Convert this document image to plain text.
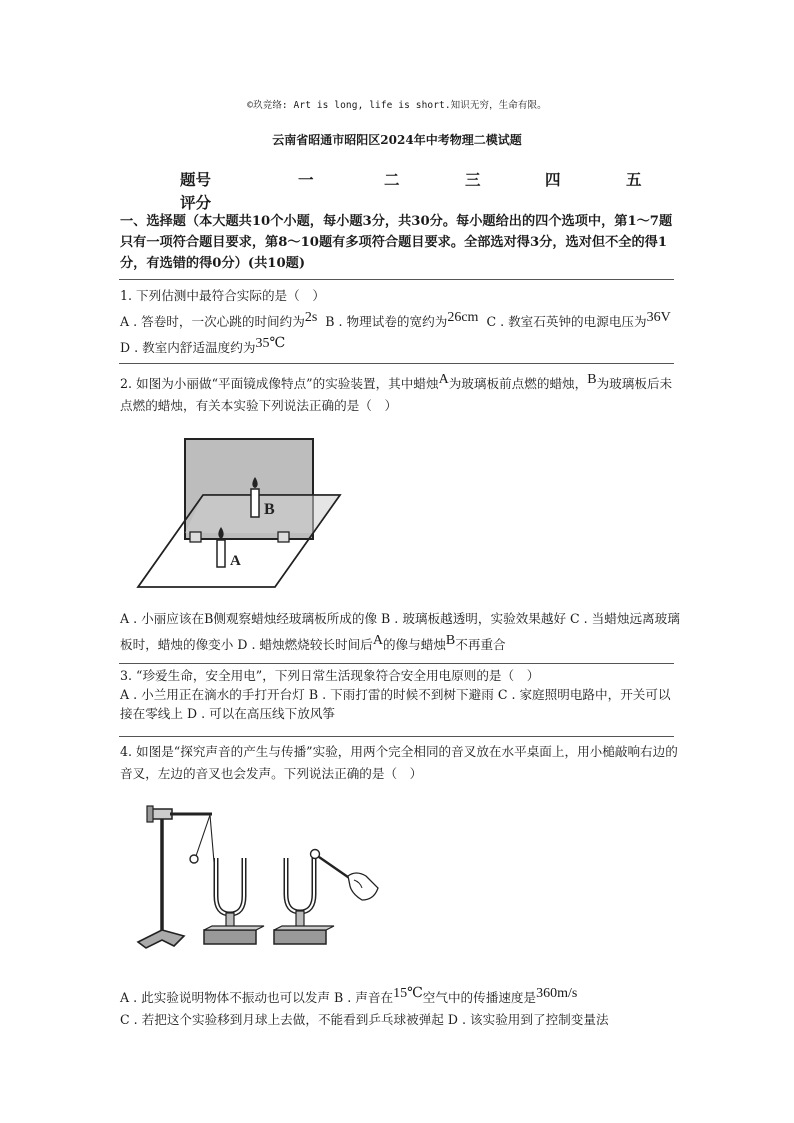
©玖竞络: Art is long, life is short.知识无穷，生命有限。
云南省昭通市昭阳区2024年中考物理二模试题
题号	一	二	三	四	五
评分
一、选择题（本大题共10个小题，每小题3分，共30分。每小题给出的四个选项中，第1～7题只有一项符合题目要求，第8～10题有多项符合题目要求。全部选对得3分，选对但不全的得1分，有选错的得0分）(共10题)
1. 下列估测中最符合实际的是（　）
A . 答卷时，一次心跳的时间约为2s B . 物理试卷的宽约为26cm C . 教室石英钟的电源电压为36V  D . 教室内舒适温度约为35℃
2. 如图为小丽做“平面镜成像特点”的实验装置，其中蜡烛A为玻璃板前点燃的蜡烛，B为玻璃板后未点燃的蜡烛，有关本实验下列说法正确的是（　）
B
A
A . 小丽应该在B侧观察蜡烛经玻璃板所成的像 B . 玻璃板越透明，实验效果越好 C . 当蜡烛远离玻璃板时，蜡烛的像变小 D . 蜡烛燃烧较长时间后A的像与蜡烛B不再重合
3. “珍爱生命，安全用电”，下列日常生活现象符合安全用电原则的是（　）
A . 小兰用正在滴水的手打开台灯 B . 下雨打雷的时候不到树下避雨 C . 家庭照明电路中，开关可以接在零线上 D . 可以在高压线下放风筝
4. 如图是“探究声音的产生与传播”实验，用两个完全相同的音叉放在水平桌面上，用小槌敲响右边的音叉，左边的音叉也会发声。下列说法正确的是（　）
A . 此实验说明物体不振动也可以发声 B . 声音在15℃空气中的传播速度是360m/s
C . 若把这个实验移到月球上去做，不能看到乒乓球被弹起 D . 该实验用到了控制变量法
